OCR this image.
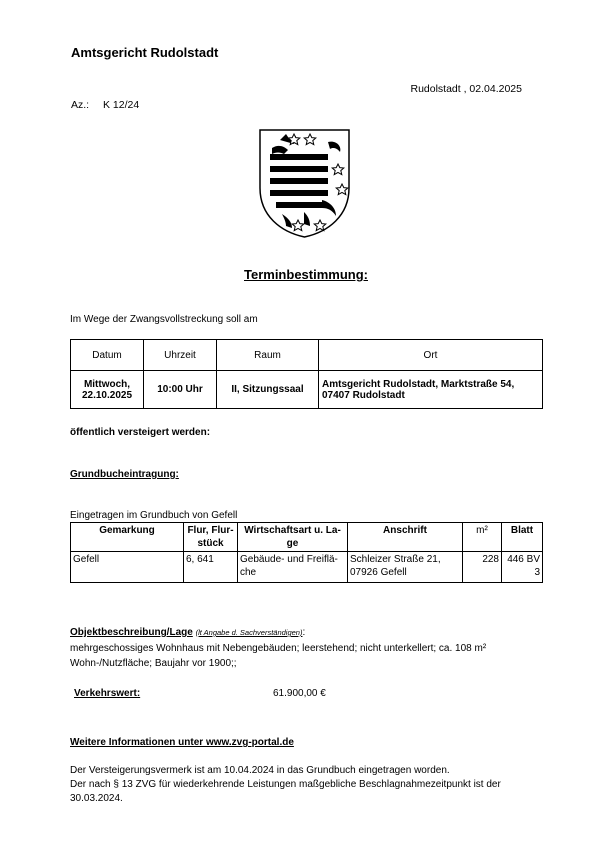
Amtsgericht Rudolstadt
Rudolstadt , 02.04.2025
Az.: K 12/24
Terminbestimmung:
Im Wege der Zwangsvollstreckung soll am
Datum	Uhrzeit	Raum	Ort
Mittwoch,
22.10.2025	10:00 Uhr	II, Sitzungssaal	Amtsgericht Rudolstadt, Marktstraße 54, 07407 Rudolstadt
öffentlich versteigert werden:
Grundbucheintragung:
Eingetragen im Grundbuch von Gefell
Gemarkung	Flur, Flur-stück	Wirtschaftsart u. La-ge	Anschrift	m²	Blatt
Gefell	6, 641	Gebäude- und Freiflä-che	Schleizer Straße 21, 07926 Gefell	228	446 BV 3
Objektbeschreibung/Lage (lt Angabe d. Sachverständigen):
mehrgeschossiges Wohnhaus mit Nebengebäuden; leerstehend; nicht unterkellert; ca. 108 m² Wohn-/Nutzfläche; Baujahr vor 1900;;
Verkehrswert:	61.900,00 €
Weitere Informationen unter www.zvg-portal.de
Der Versteigerungsvermerk ist am 10.04.2024 in das Grundbuch eingetragen worden.
Der nach § 13 ZVG für wiederkehrende Leistungen maßgebliche Beschlagnahmezeitpunkt ist der 30.03.2024.
